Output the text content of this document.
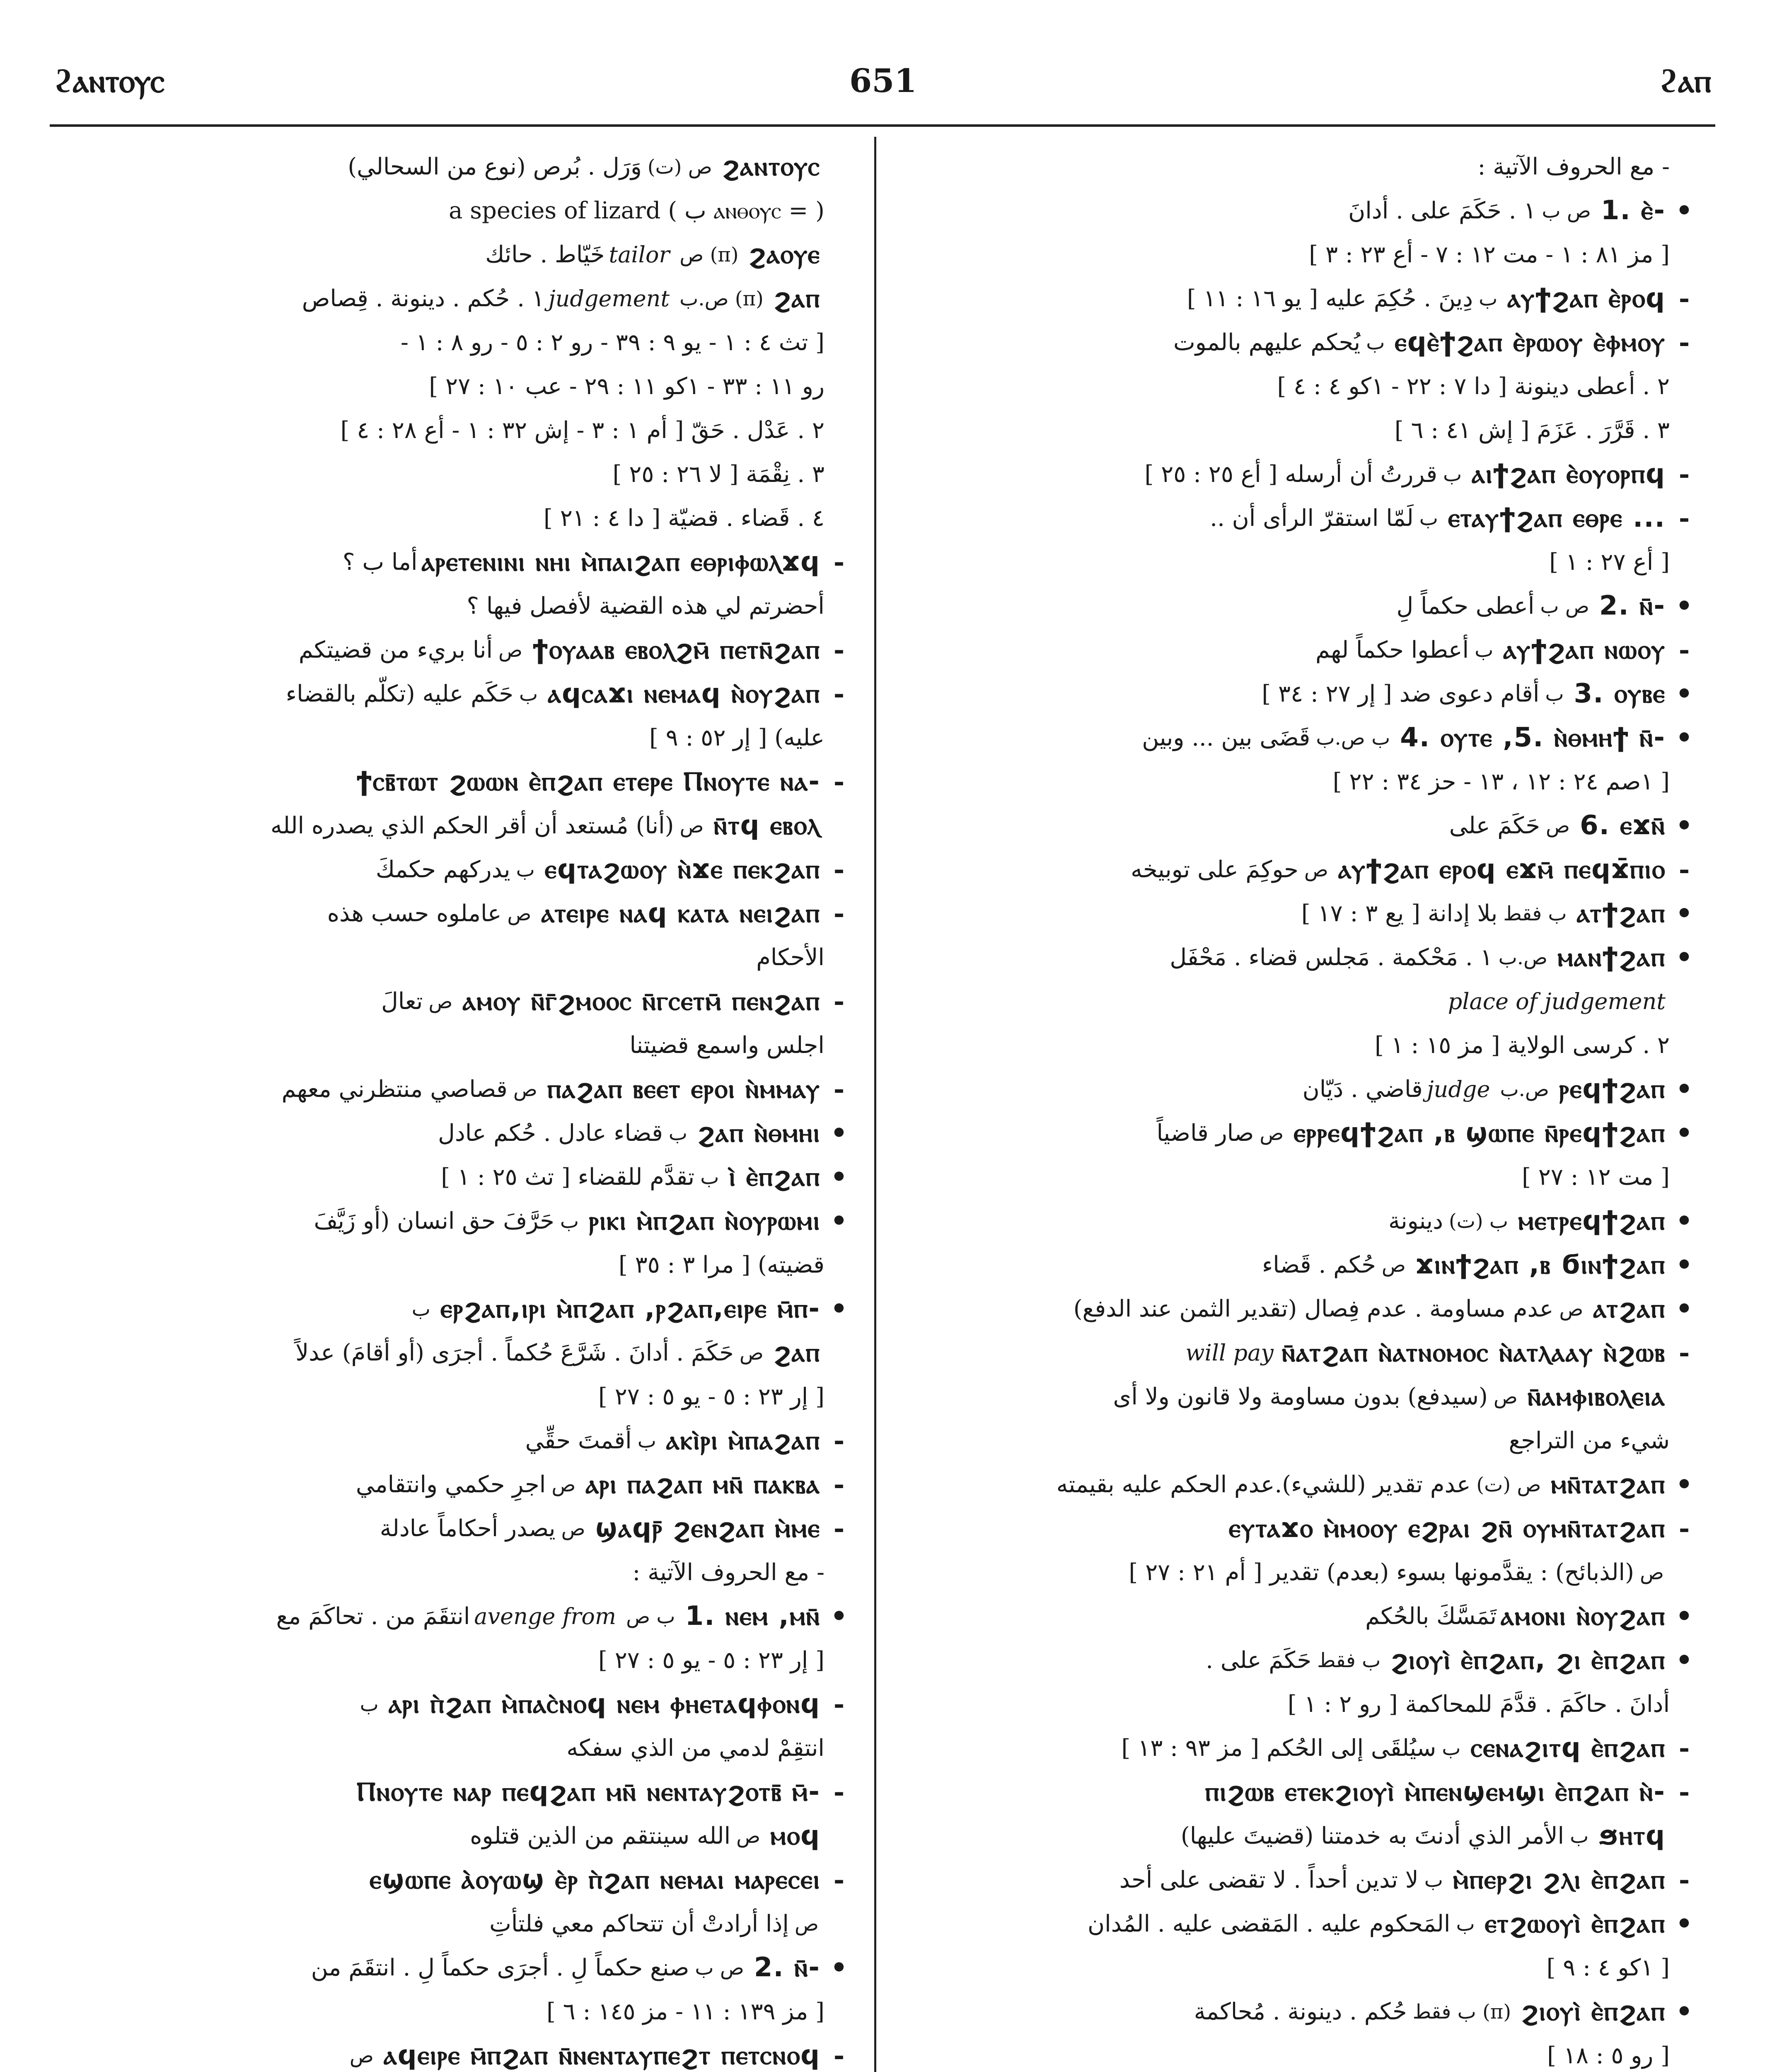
ϩⲁⲛⲧⲟⲩⲥ	651	ϩⲁⲡ
- مع الحروف الآتية :
•
1. ⲉ̀-
ص ب
١ . حَكَمَ على . أدانَ
[ مز ٨١ : ١ - مت ١٢ : ٧ - أع ٢٣ : ٣ ]
-
ⲁⲩϯϩⲁⲡ ⲉ̀ⲣⲟϥ
ب
دِينَ . حُكِمَ عليه [ يو ١٦ : ١١ ]
-
ⲉϥⲉ̀ϯϩⲁⲡ ⲉ̀ⲣⲱⲟⲩ ⲉ̀ⲫⲙⲟⲩ
ب
يُحكم عليهم بالموت
٢ . أعطى دينونة [ دا ٧ : ٢٢ - ١كو ٤ : ٤ ]
٣ . قَرَّرَ . عَزَمَ [ إش ٤١ : ٦ ]
-
ⲁⲓϯϩⲁⲡ ⲉ̀ⲟⲩⲟⲣⲡϥ
ب
قررتُ أن أرسله [ أع ٢٥ : ٢٥ ]
-
ⲉⲧⲁⲩϯϩⲁⲡ ⲉⲑⲣⲉ ...
ب
لَمّا استقرّ الرأى أن ..
[ أع ٢٧ : ١ ]
•
2. ⲛ̄-
ص ب
أعطى حكماً لِ
-
ⲁⲩϯϩⲁⲡ ⲛⲱⲟⲩ
ب
أعطوا حكماً لهم
•
3. ⲟⲩⲃⲉ
ب
أقام دعوى ضد [ إر ٢٧ : ٣٤ ]
•
4. ⲟⲩⲧⲉ ,5. ⲛ̀ⲑⲙⲏϯ ⲛ̄-
ب ص.ب
قَضَى بين ... وبين
[ ١صم ٢٤ : ١٢ ، ١٣ - حز ٣٤ : ٢٢ ]
•
6. ⲉϫⲛ̄
ص
حَكَمَ على
-
ⲁⲩϯϩⲁⲡ ⲉⲣⲟϥ ⲉϫⲙ̄ ⲡⲉϥϫ̄ⲡⲓⲟ
ص
حوكِمَ على توبيخه
•
ⲁⲧϯϩⲁⲡ
ب فقط
بلا إدانة [ يع ٣ : ١٧ ]
•
ⲙⲁⲛϯϩⲁⲡ
ص.ب
١ . مَحْكمة . مَجلس قضاء . مَحْفَل
place of judgement
٢ . كرسى الولاية [ مز ١٥ : ١ ]
•
ⲣⲉϥϯϩⲁⲡ
ص.ب
judge
قاضي . دَيّان
•
ⲉⲣⲣⲉϥϯϩⲁⲡ ,ⲃ ϣⲱⲡⲉ ⲛ̄ⲣⲉϥϯϩⲁⲡ
ص
صار قاضياً
[ مت ١٢ : ٢٧ ]
•
ⲙⲉⲧⲣⲉϥϯϩⲁⲡ
ب (ت)
دينونة
•
ϫⲓⲛϯϩⲁⲡ ,ⲃ ϭⲓⲛϯϩⲁⲡ
ص
حُكم . قَضاء
•
ⲁⲧϩⲁⲡ
ص
عدم مساومة . عدم فِصال (تقدير الثمن عند الدفع)
-
ⲛ̄ⲁⲧϩⲁⲡ ⲛ̀ⲁⲧⲛⲟⲙⲟⲥ ⲛ̀ⲁⲧⲗⲁⲁⲩ ⲛ̀ϩⲱⲃ
will pay
ⲛ̄ⲁⲙⲫⲓⲃⲟⲗⲉⲓⲁ
ص
(سيدفع) بدون مساومة ولا قانون ولا أى
شيء من التراجع
•
ⲙⲛ̄ⲧⲁⲧϩⲁⲡ
ص (ت)
عدم تقدير (للشيء).عدم الحكم عليه بقيمته
-
ⲉⲩⲧⲁϫⲟ ⲙ̀ⲙⲟⲟⲩ ⲉϩⲣⲁⲓ ϩⲛ̄ ⲟⲩⲙⲛ̄ⲧⲁⲧϩⲁⲡ
ص
(الذبائح) : يقدَّمونها بسوء (بعدم) تقدير [ أم ٢١ : ٢٧ ]
•
ⲁⲙⲟⲛⲓ ⲛ̀ⲟⲩϩⲁⲡ
تَمَسَّكَ بالحُكم
•
ϩⲓⲟⲩⲓ̀ ⲉ̀ⲡϩⲁⲡ, ϩⲓ ⲉ̀ⲡϩⲁⲡ
ب فقط
حَكَمَ على .
أدانَ . حاكَمَ . قدَّمَ للمحاكمة [ رو ٢ : ١ ]
-
ⲥⲉⲛⲁϩⲓⲧϥ ⲉ̀ⲡϩⲁⲡ
ب
سيُلقَى إلى الحُكم [ مز ٩٣ : ١٣ ]
-
ⲡⲓϩⲱⲃ ⲉⲧⲉⲕϩⲓⲟⲩⲓ̀ ⲙ̀ⲡⲉⲛϣⲉⲙϣⲓ ⲉ̀ⲡϩⲁⲡ ⲛ̀-
ϧⲏⲧϥ
ب
الأمر الذي أدنتَ به خدمتنا (قضيتَ عليها)
-
ⲙ̀ⲡⲉⲣϩⲓ ϩⲗⲓ ⲉ̀ⲡϩⲁⲡ
ب
لا تدين أحداً . لا تقضى على أحد
•
ⲉⲧϩⲱⲟⲩⲓ̀ ⲉ̀ⲡϩⲁⲡ
ب
المَحكوم عليه . المَقضى عليه . المُدان
[ ١كو ٤ : ٩ ]
•
ϩⲓⲟⲩⲓ̀ ⲉ̀ⲡϩⲁⲡ
ب فقط (π)
حُكم . دينونة . مُحاكمة
[ رو ٥ : ١٨ ]
ϩⲁⲛⲧⲟⲩⲥ
ص (ت)
وَرَل . بُرص (نوع من السحالي)
( = ⲁⲛⲑⲟⲩⲥ ب ) a species of lizard
ϩⲁⲟⲩⲉ
ص (π)
tailor
خَيّاط . حائك
ϩⲁⲡ
ص.ب (π)
judgement
١ . حُكم . دينونة . قِصاص
[ تث ٤ : ١ - يو ٩ : ٣٩ - رو ٢ : ٥ - رو ٨ : ١ -
رو ١١ : ٣٣ - ١كو ١١ : ٢٩ - عب ١٠ : ٢٧ ]
٢ . عَدْل . حَقّ [ أم ١ : ٣ - إش ٣٢ : ١ - أع ٢٨ : ٤ ]
٣ . نِقْمَة [ لا ٢٦ : ٢٥ ]
٤ . قَضاء . قضيّة [ دا ٤ : ٢١ ]
-
ⲁⲣⲉⲧⲉⲛⲓⲛⲓ ⲛⲏⲓ ⲙ̀ⲡⲁⲓϩⲁⲡ ⲉⲑⲣⲓⲫⲱⲗϫϥ
أما ب ؟
أحضرتم لي هذه القضية لأفصل فيها ؟
-
ϯⲟⲩⲁⲁⲃ ⲉⲃⲟⲗϩⲙ̄ ⲡⲉⲧⲛ̄ϩⲁⲡ
ص
أنا بريء من قضيتكم
-
ⲁϥⲥⲁϫⲓ ⲛⲉⲙⲁϥ ⲛ̀ⲟⲩϩⲁⲡ
ب
حَكَم عليه (تكلّم بالقضاء
عليه) [ إر ٥٢ : ٩ ]
-
ϯⲥⲃ̄ⲧⲱⲧ ϩⲱⲱⲛ ⲉ̀ⲡϩⲁⲡ ⲉⲧⲉⲣⲉ Ⲡⲛⲟⲩⲧⲉ ⲛⲁ-
ⲛ̄ⲧϥ ⲉⲃⲟⲗ
ص
(أنا) مُستعد أن أقر الحكم الذي يصدره الله
-
ⲉϥⲧⲁϩⲱⲟⲩ ⲛ̀ϫⲉ ⲡⲉⲕϩⲁⲡ
ب
يدركهم حكمكَ
-
ⲁⲧⲉⲓⲣⲉ ⲛⲁϥ ⲕⲁⲧⲁ ⲛⲉⲓϩⲁⲡ
ص
عاملوه حسب هذه
الأحكام
-
ⲁⲙⲟⲩ ⲛ̄ⲅ̄ϩⲙⲟⲟⲥ ⲛ̄ⲅⲥⲉⲧⲙ̄ ⲡⲉⲛϩⲁⲡ
ص
تعالَ
اجلس واسمع قضيتنا
-
ⲡⲁϩⲁⲡ ⲃⲉⲉⲧ ⲉⲣⲟⲓ ⲛ̀ⲙⲙⲁⲩ
ص
قصاصي منتظرني معهم
•
ϩⲁⲡ ⲛ̀ⲑⲙⲏⲓ
ب
قضاء عادل . حُكم عادل
•
ⲓ̀ ⲉ̀ⲡϩⲁⲡ
ب
تقدَّم للقضاء [ تث ٢٥ : ١ ]
•
ⲣⲓⲕⲓ ⲙ̀ⲡϩⲁⲡ ⲛ̀ⲟⲩⲣⲱⲙⲓ
ب
حَرَّفَ حق انسان (أو زَيَّفَ
قضيته) [ مرا ٣ : ٣٥ ]
•
ⲉⲣϩⲁⲡ,ⲓⲣⲓ ⲙ̀ⲡϩⲁⲡ ,ⲣϩⲁⲡ,ⲉⲓⲣⲉ ⲙ̄ⲡ-
ب
ϩⲁⲡ
ص
حَكَمَ . أدانَ . شَرَّعَ حُكماً . أجرَى (أو أقامَ) عدلاً
[ إر ٢٣ : ٥ - يو ٥ : ٢٧ ]
-
ⲁⲕⲓ̀ⲣⲓ ⲙ̀ⲡⲁϩⲁⲡ
ب
أقمتَ حقِّي
-
ⲁⲣⲓ ⲡⲁϩⲁⲡ ⲙⲛ̄ ⲡⲁⲕⲃⲁ
ص
اجرِ حكمي وانتقامي
-
ϣⲁϥⲣ̄ ϩⲉⲛϩⲁⲡ ⲙ̀ⲙⲉ
ص
يصدر أحكاماً عادلة
- مع الحروف الآتية :
•
1. ⲛⲉⲙ ,ⲙⲛ̄
ب ص
avenge from
انتقَمَ من . تحاكَمَ مع
[ إر ٢٣ : ٥ - يو ٥ : ٢٧ ]
-
ⲁⲣⲓ ⲡ̀ϩⲁⲡ ⲙ̀ⲡⲁⲥ̀ⲛⲟϥ ⲛⲉⲙ ⲫⲏⲉⲧⲁϥⲫⲟⲛϥ
ب
انتقِمْ لدمي من الذي سفكه
-
Ⲡⲛⲟⲩⲧⲉ ⲛⲁⲣ ⲡⲉϥϩⲁⲡ ⲙⲛ̄ ⲛⲉⲛⲧⲁⲩϩⲟⲧⲃ̄ ⲙ̄-
ⲙⲟϥ
ص
الله سينتقم من الذين قتلوه
-
ⲉϣⲱⲡⲉ ⲁ̀ⲟⲩⲱϣ ⲉ̀ⲣ ⲡ̀ϩⲁⲡ ⲛⲉⲙⲁⲓ ⲙⲁⲣⲉⲥⲉⲓ
ص
إذا أرادتْ أن تتحاكم معي فلتأتِ
•
2. ⲛ̄-
ص ب
صنع حكماً لِ . أجرَى حكماً لِ . انتقَمَ من
[ مز ١٣٩ : ١١ - مز ١٤٥ : ٦ ]
-
ⲁϥⲉⲓⲣⲉ ⲙ̄ⲡϩⲁⲡ ⲛ̄ⲛⲉⲛⲧⲁⲩⲡⲉϩⲧ ⲡⲉⲧⲥⲛⲟϥ
ص
